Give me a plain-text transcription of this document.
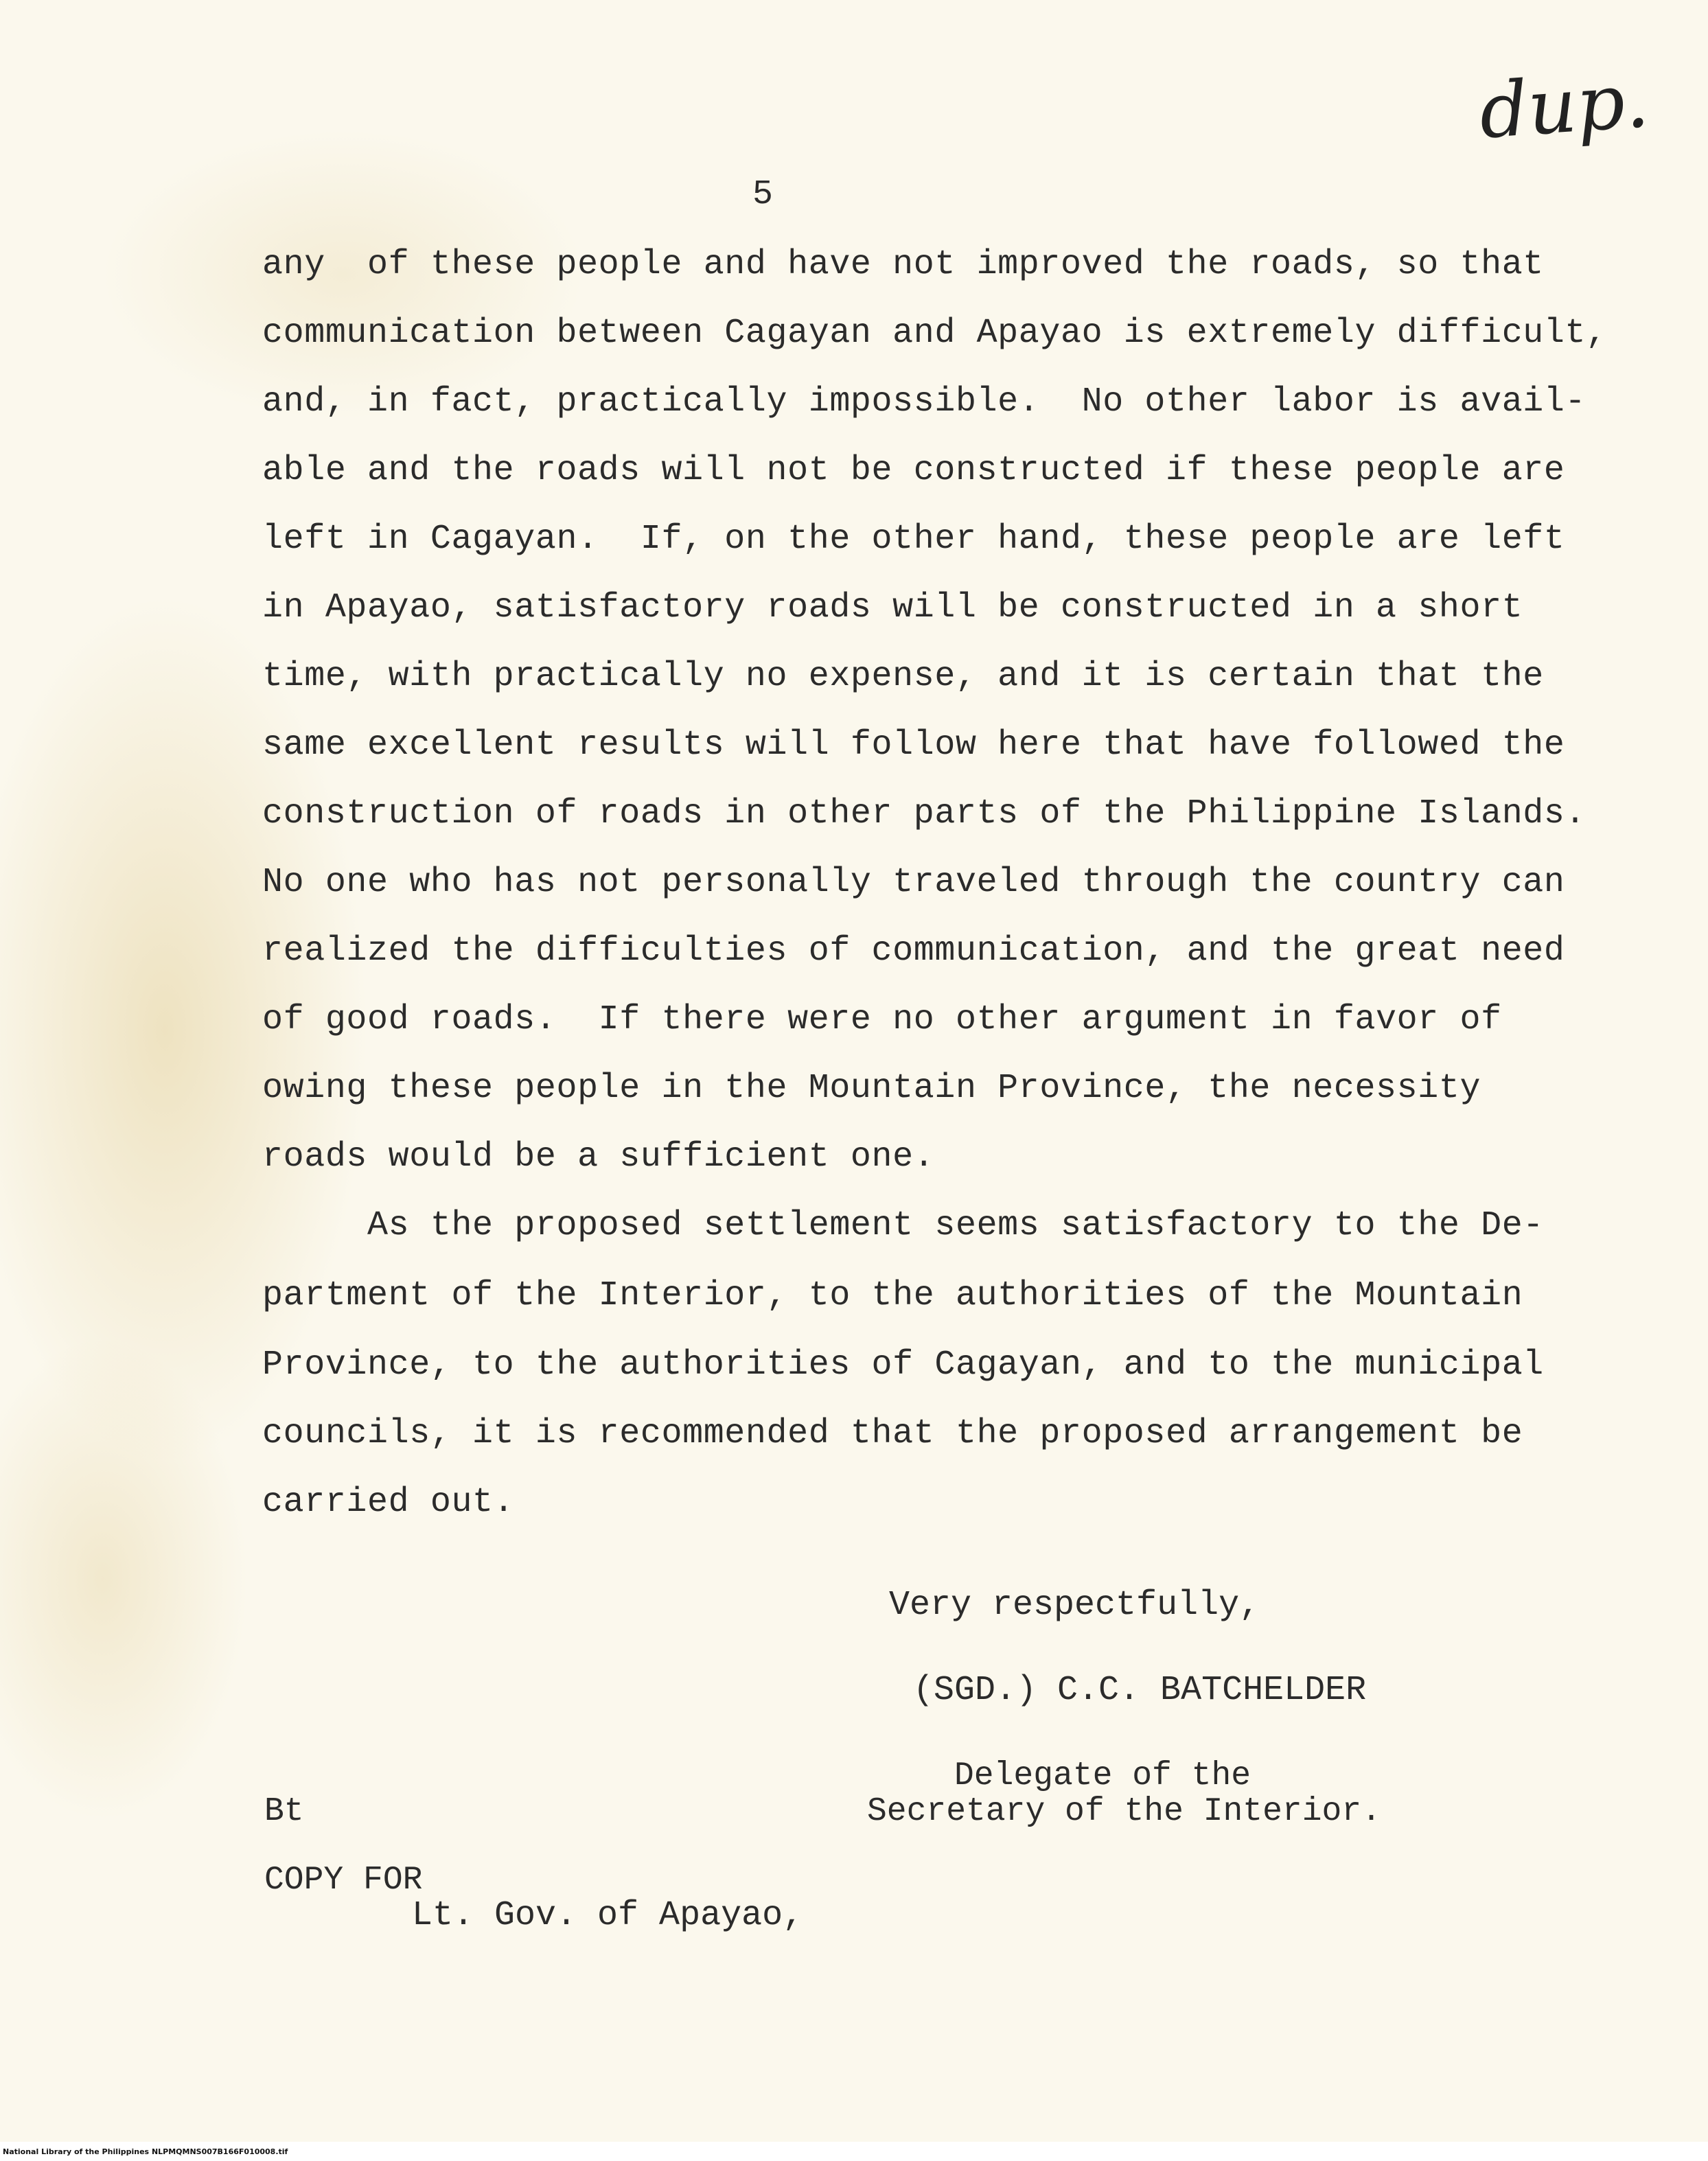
dup.
5

any  of these people and have not improved the roads, so that

communication between Cagayan and Apayao is extremely difficult,

and, in fact, practically impossible.  No other labor is avail-

able and the roads will not be constructed if these people are

left in Cagayan.  If, on the other hand, these people are left

in Apayao, satisfactory roads will be constructed in a short

time, with practically no expense, and it is certain that the

same excellent results will follow here that have followed the

construction of roads in other parts of the Philippine Islands.

No one who has not personally traveled through the country can

realized the difficulties of communication, and the great need

of good roads.  If there were no other argument in favor of

owing these people in the Mountain Province, the necessity

roads would be a sufficient one.

As the proposed settlement seems satisfactory to the De-

partment of the Interior, to the authorities of the Mountain

Province, to the authorities of Cagayan, and to the municipal

councils, it is recommended that the proposed arrangement be

carried out.

Very respectfully,
(SGD.) C.C. BATCHELDER
Delegate of the
Secretary of the Interior.
Bt
COPY FOR
Lt. Gov. of Apayao,
National Library of the Philippines NLPMQMNS007B166F010008.tif
